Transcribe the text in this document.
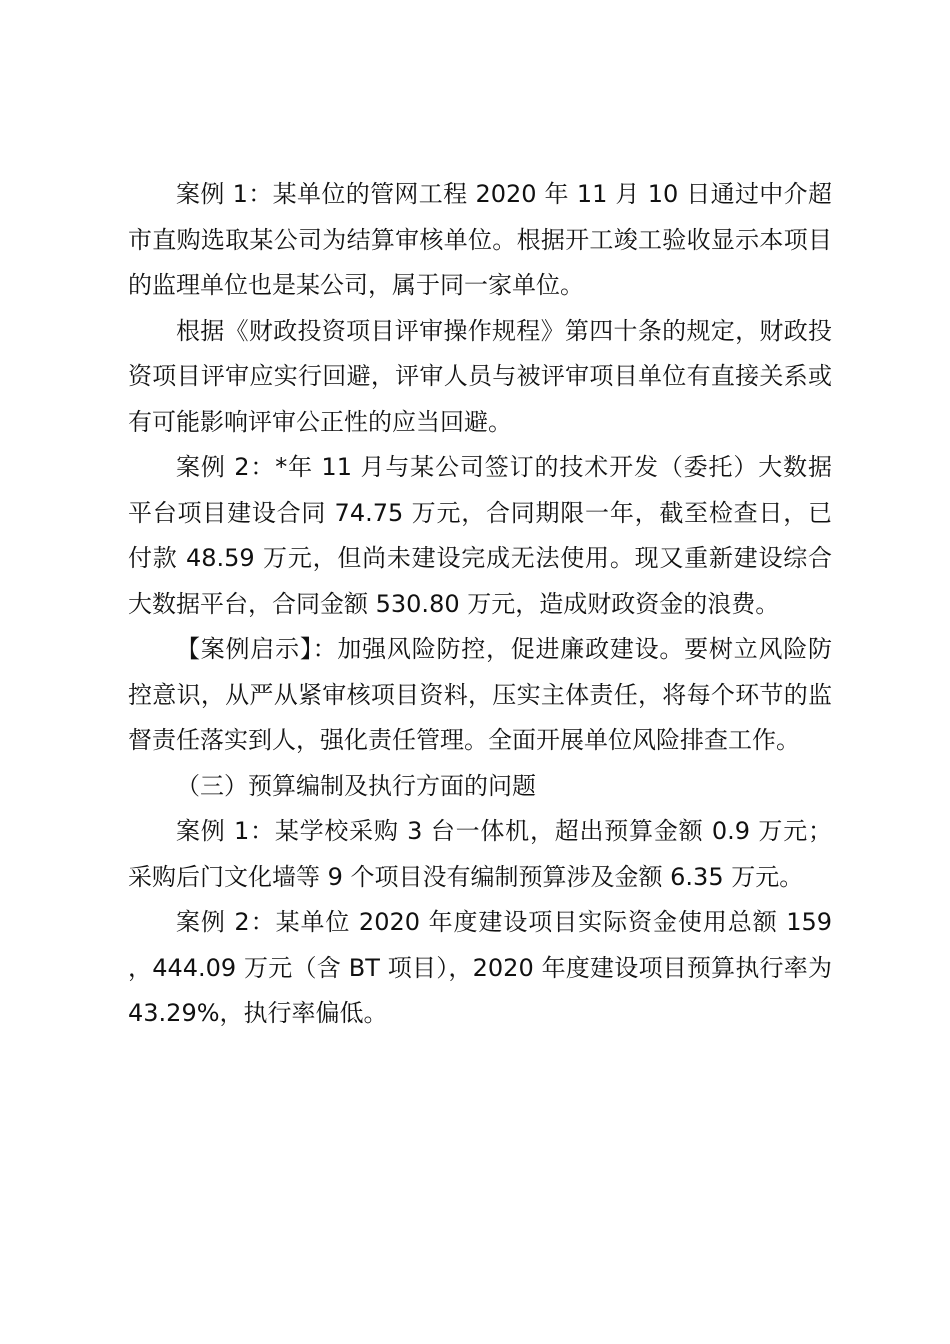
案例 1：某单位的管网工程 2020 年 11 月 10 日通过中介超市直购选取某公司为结算审核单位。根据开工竣工验收显示本项目的监理单位也是某公司，属于同一家单位。

根据《财政投资项目评审操作规程》第四十条的规定，财政投资项目评审应实行回避，评审人员与被评审项目单位有直接关系或有可能影响评审公正性的应当回避。

案例 2：*年 11 月与某公司签订的技术开发（委托）大数据平台项目建设合同 74.75 万元，合同期限一年，截至检查日，已付款 48.59 万元，但尚未建设完成无法使用。现又重新建设综合大数据平台，合同金额 530.80 万元，造成财政资金的浪费。

【案例启示】：加强风险防控，促进廉政建设。要树立风险防控意识，从严从紧审核项目资料，压实主体责任，将每个环节的监督责任落实到人，强化责任管理。全面开展单位风险排查工作。

（三）预算编制及执行方面的问题

案例 1：某学校采购 3 台一体机，超出预算金额 0.9 万元；采购后门文化墙等 9 个项目没有编制预算涉及金额 6.35 万元。

案例 2：某单位 2020 年度建设项目实际资金使用总额 159，444.09 万元（含 BT 项目），2020 年度建设项目预算执行率为 43.29%，执行率偏低。
